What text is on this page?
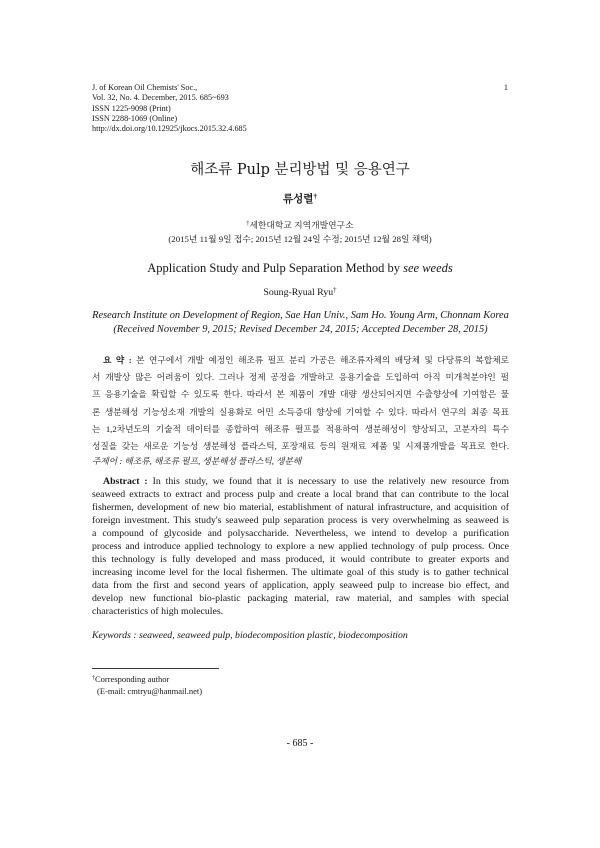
J. of Korean Oil Chemists' Soc.,
Vol. 32, No. 4. December, 2015. 685~693
ISSN 1225-9098 (Print)
ISSN 2288-1069 (Online)
http://dx.doi.org/10.12925/jkocs.2015.32.4.685
1
해조류 Pulp 분리방법 및 응용연구
류성렬†
†세한대학교 지역개발연구소
(2015년 11월 9일 접수; 2015년 12월 24일 수정; 2015년 12월 28일 채택)
Application Study and Pulp Separation Method by see weeds
Soung-Ryual Ryu†
Research Institute on Development of Region, Sae Han Univ., Sam Ho. Young Arm, Chonnam Korea
(Received November 9, 2015; Revised December 24, 2015; Accepted December 28, 2015)
요 약 : 본 연구에서 개발 예정인 해조류 펄프 분리 가공은 해조류자체의 배당체 및 다당류의 복합체로
서 개발상 많은 어려움이 있다. 그러나 정제 공정을 개발하고 응용기술을 도입하여 아직 미개척분야인 펄
프 응용기술을 확립할 수 있도록 한다. 따라서 본 제품이 개발 대량 생산되어지면 수출향상에 기여함은 물
론 생분해성 기능성소재 개발의 실용화로 어민 소득증대 향상에 기여할 수 있다. 따라서 연구의 최종 목표
는 1,2차년도의 기술적 데이터를 종합하여 해조류 펄프를 적용하여 생분해성이 향상되고, 고분자의 특수
성질을 갖는 새로운 기능성 생분해성 플라스틱, 포장재료 등의 원재료 제품 및 시제품개발을 목표로 한다.
주제어 : 해조류, 해조류 펄프, 생분해성 플라스틱, 생분해
Abstract : In this study, we found that it is necessary to use the relatively new resource from
seaweed extracts to extract and process pulp and create a local brand that can contribute to the local
fishermen, development of new bio material, establishment of natural infrastructure, and acquisition of
foreign investment. This study's seaweed pulp separation process is very overwhelming as seaweed is
a compound of glycoside and polysaccharide. Nevertheless, we intend to develop a purification
process and introduce applied technology to explore a new applied technology of pulp process. Once
this technology is fully developed and mass produced, it would contribute to greater exports and
increasing income level for the local fishermen. The ultimate goal of this study is to gather technical
data from the first and second years of application, apply seaweed pulp to increase bio effect, and
develop new functional bio-plastic packaging material, raw material, and samples with special
characteristics of high molecules.
Keywords : seaweed, seaweed pulp, biodecomposition plastic, biodecomposition
†Corresponding author
(E-mail: cmtryu@hanmail.net)
- 685 -
